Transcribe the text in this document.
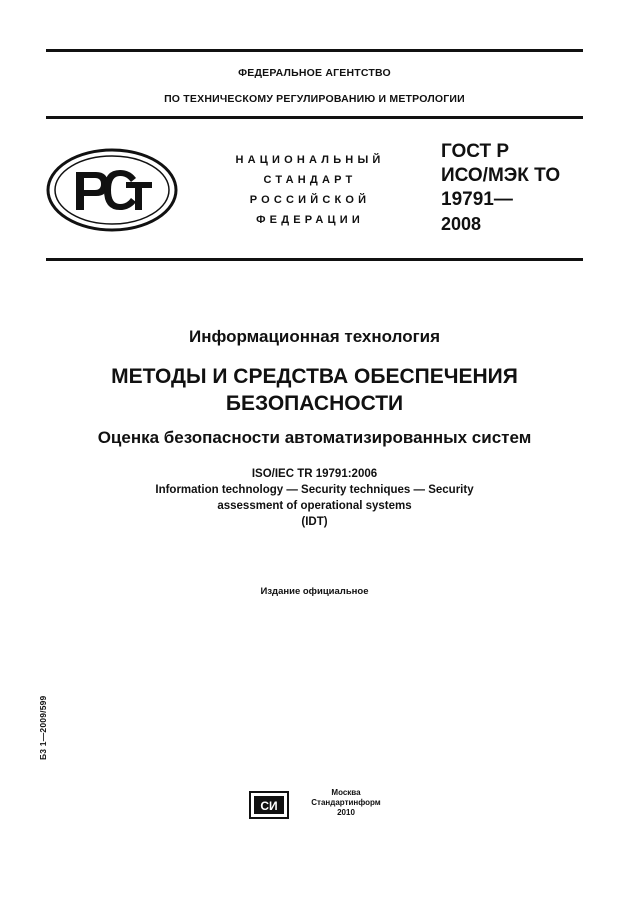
ФЕДЕРАЛЬНОЕ АГЕНТСТВО
ПО ТЕХНИЧЕСКОМУ РЕГУЛИРОВАНИЮ И МЕТРОЛОГИИ
НАЦИОНАЛЬНЫЙ
СТАНДАРТ
РОССИЙСКОЙ
ФЕДЕРАЦИИ
ГОСТ Р
ИСО/МЭК ТО
19791—
2008
Информационная технология
МЕТОДЫ И СРЕДСТВА ОБЕСПЕЧЕНИЯ
БЕЗОПАСНОСТИ
Оценка безопасности автоматизированных систем
ISO/IEC TR 19791:2006
Information technology — Security techniques — Security
assessment of operational systems
(IDT)
Издание официальное
Б3 1—2009/599
СИ
Москва
Стандартинформ
2010
